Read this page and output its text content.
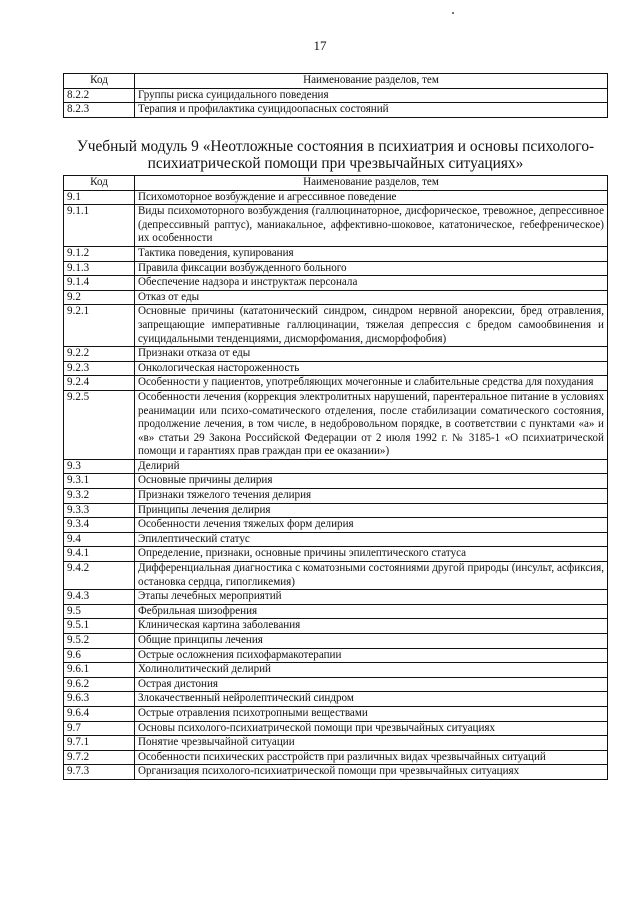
17
Код	Наименование разделов, тем
8.2.2	Группы риска суицидального поведения
8.2.3	Терапия и профилактика суицидоопасных состояний
Учебный модуль 9 «Неотложные состояния в психиатрия и основы психолого-психиатрической помощи при чрезвычайных ситуациях»
Код	Наименование разделов, тем
9.1	Психомоторное возбуждение и агрессивное поведение
9.1.1	Виды психомоторного возбуждения (галлюцинаторное, дисфорическое, тревожное, депрессивное (депрессивный раптус), маниакальное, аффективно-шоковое, кататоническое, гебефреническое) их особенности
9.1.2	Тактика поведения, купирования
9.1.3	Правила фиксации возбужденного больного
9.1.4	Обеспечение надзора и инструктаж персонала
9.2	Отказ от еды
9.2.1	Основные причины (кататонический синдром, синдром нервной анорексии, бред отравления, запрещающие императивные галлюцинации, тяжелая депрессия с бредом самообвинения и суицидальными тенденциями, дисморфомания, дисморфофобия)
9.2.2	Признаки отказа от еды
9.2.3	Онкологическая настороженность
9.2.4	Особенности у пациентов, употребляющих мочегонные и слабительные средства для похудания
9.2.5	Особенности лечения (коррекция электролитных нарушений, парентеральное питание в условиях реанимации или психо-соматического отделения, после стабилизации соматического состояния, продолжение лечения, в том числе, в недобровольном порядке, в соответствии с пунктами «а» и «в» статьи 29 Закона Российской Федерации от 2 июля 1992 г. № 3185-1 «О психиатрической помощи и гарантиях прав граждан при ее оказании»)
9.3	Делирий
9.3.1	Основные причины делирия
9.3.2	Признаки тяжелого течения делирия
9.3.3	Принципы лечения делирия
9.3.4	Особенности лечения тяжелых форм делирия
9.4	Эпилептический статус
9.4.1	Определение, признаки, основные причины эпилептического статуса
9.4.2	Дифференциальная диагностика с коматозными состояниями другой природы (инсульт, асфиксия, остановка сердца, гипогликемия)
9.4.3	Этапы лечебных мероприятий
9.5	Фебрильная шизофрения
9.5.1	Клиническая картина заболевания
9.5.2	Общие принципы лечения
9.6	Острые осложнения психофармакотерапии
9.6.1	Холинолитический делирий
9.6.2	Острая дистония
9.6.3	Злокачественный нейролептический синдром
9.6.4	Острые отравления психотропными веществами
9.7	Основы психолого-психиатрической помощи при чрезвычайных ситуациях
9.7.1	Понятие чрезвычайной ситуации
9.7.2	Особенности психических расстройств при различных видах чрезвычайных ситуаций
9.7.3	Организация психолого-психиатрической помощи при чрезвычайных ситуациях
